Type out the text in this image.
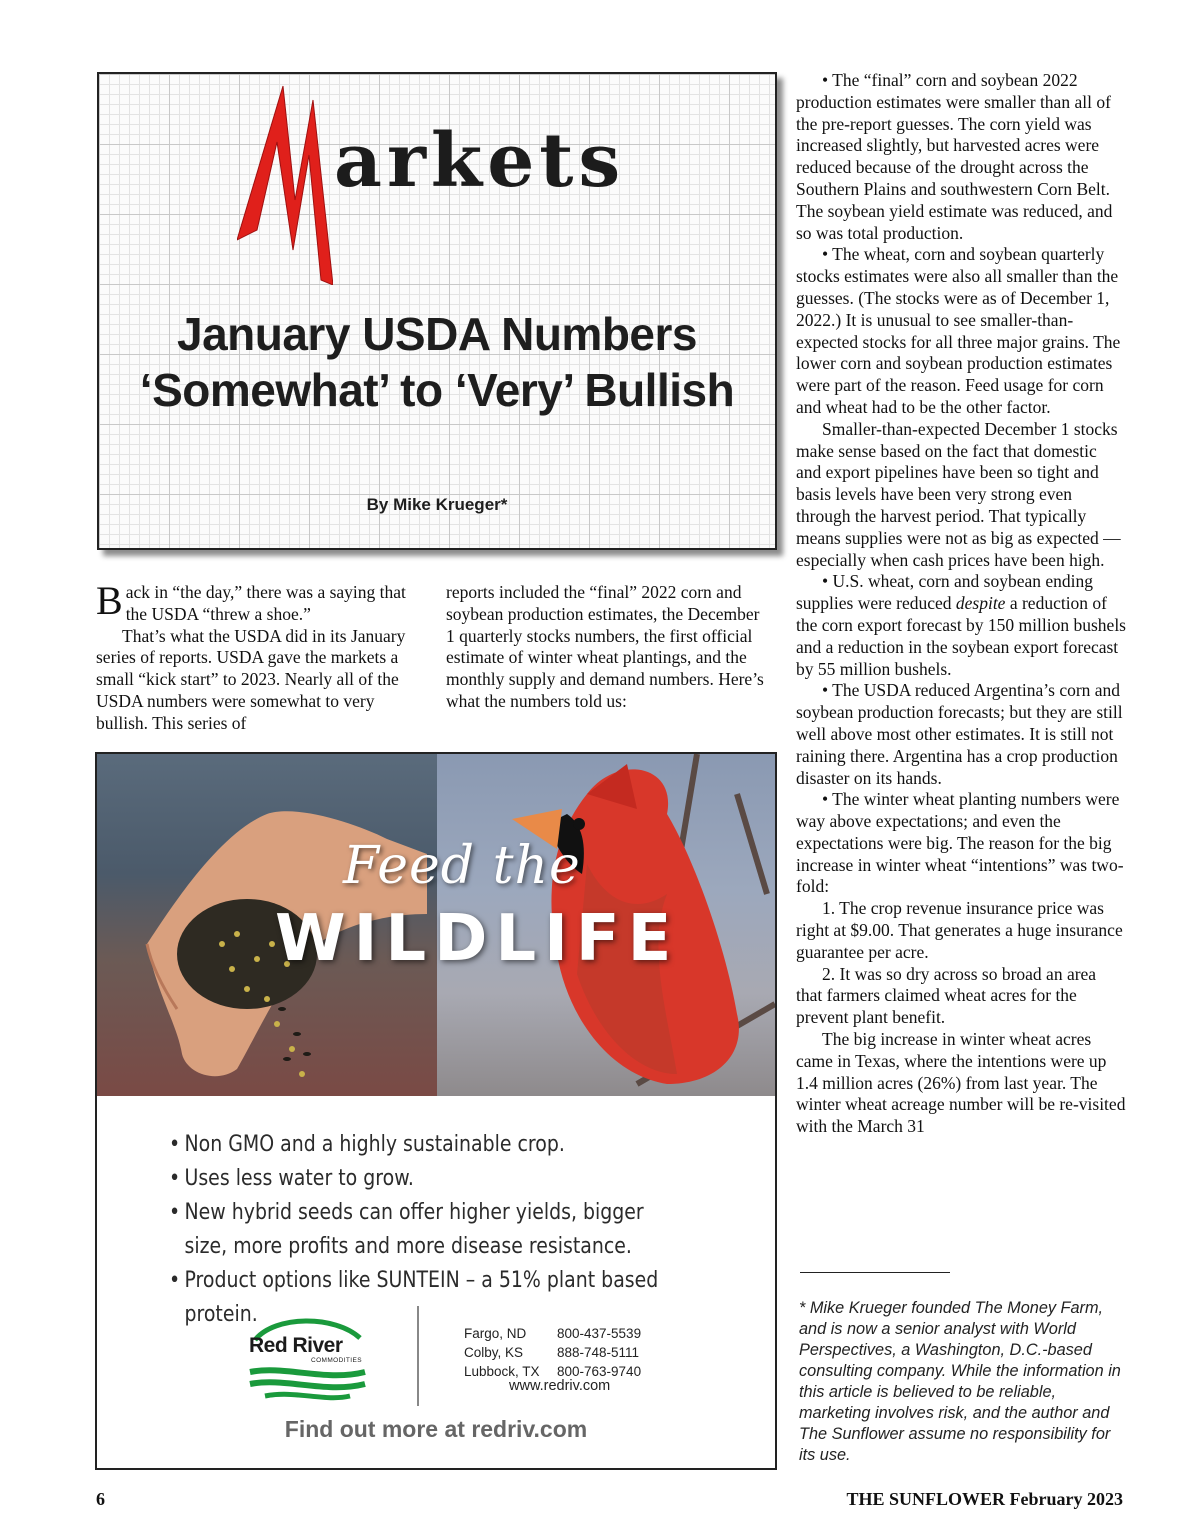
arkets
January USDA Numbers
‘Somewhat’ to ‘Very’ Bullish
By Mike Krueger*

Back in “the day,” there was a saying that the USDA “threw a shoe.”

That’s what the USDA did in its January series of reports. USDA gave the markets a small “kick start” to 2023. Nearly all of the USDA numbers were somewhat to very bullish. This series of

reports included the “final” 2022 corn and soybean production estimates, the December 1 quarterly stocks numbers, the first official estimate of winter wheat plantings, and the monthly supply and demand numbers. Here’s what the numbers told us:

• The “final” corn and soybean 2022 production estimates were smaller than all of the pre-report guesses. The corn yield was increased slightly, but harvested acres were reduced because of the drought across the Southern Plains and southwestern Corn Belt. The soybean yield estimate was reduced, and so was total production.

• The wheat, corn and soybean quarterly stocks estimates were also all smaller than the guesses. (The stocks were as of December 1, 2022.) It is unusual to see smaller-than-expected stocks for all three major grains. The lower corn and soybean production estimates were part of the reason. Feed usage for corn and wheat had to be the other factor.

Smaller-than-expected December 1 stocks make sense based on the fact that domestic and export pipelines have been so tight and basis levels have been very strong even through the harvest period. That typically means supplies were not as big as expected — especially when cash prices have been high.

• U.S. wheat, corn and soybean ending supplies were reduced despite a reduction of the corn export forecast by 150 million bushels and a reduction in the soybean export forecast by 55 million bushels.

• The USDA reduced Argentina’s corn and soybean production forecasts; but they are still well above most other estimates. It is still not raining there. Argentina has a crop production disaster on its hands.

• The winter wheat planting numbers were way above expectations; and even the expectations were big. The reason for the big increase in winter wheat “intentions” was two-fold:

1. The crop revenue insurance price was right at $9.00. That generates a huge insurance guarantee per acre.

2. It was so dry across so broad an area that farmers claimed wheat acres for the prevent plant benefit.

The big increase in winter wheat acres came in Texas, where the intentions were up 1.4 million acres (26%) from last year. The winter wheat acreage number will be re-visited with the March 31

Feed the
WILDLIFE
• Non GMO and a highly sustainable crop.
• Uses less water to grow.
• New hybrid seeds can offer higher yields, bigger size, more profits and more disease resistance.
• Product options like SUNTEIN – a 51% plant based protein.
Red River
COMMODITIES
Fargo, ND	800-437-5539
Colby, KS	888-748-5111
Lubbock, TX	800-763-9740
www.redriv.com
Find out more at redriv.com
* Mike Krueger founded The Money Farm, and is now a senior analyst with World Perspectives, a Washington, D.C.-based consulting company. While the information in this article is believed to be reliable, marketing involves risk, and the author and The Sunflower assume no responsibility for its use.
6	THE SUNFLOWER February 2023
